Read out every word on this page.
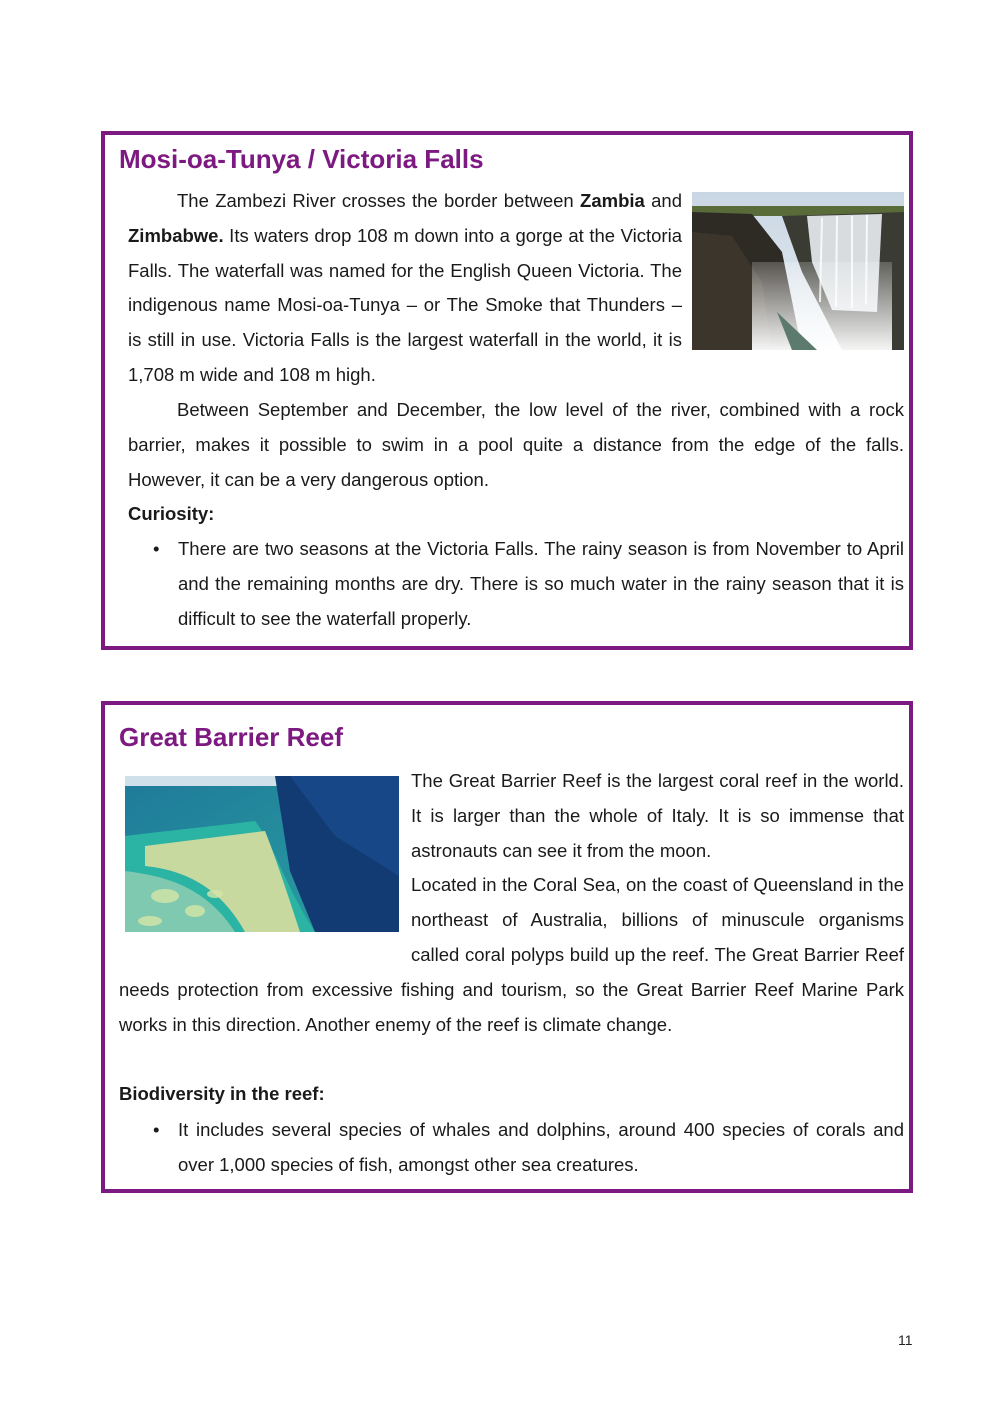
Mosi-oa-Tunya / Victoria Falls
The Zambezi River crosses the border between Zambia and Zimbabwe. Its waters drop 108 m down into a gorge at the Victoria Falls. The waterfall was named for the English Queen Victoria. The indigenous name Mosi-oa-Tunya – or The Smoke that Thunders – is still in use. Victoria Falls is the largest waterfall in the world, it is 1,708 m wide and 108 m high.

Between September and December, the low level of the river, combined with a rock barrier, makes it possible to swim in a pool quite a distance from the edge of the falls. However, it can be a very dangerous option.

Curiosity:

• There are two seasons at the Victoria Falls. The rainy season is from November to April and the remaining months are dry. There is so much water in the rainy season that it is difficult to see the waterfall properly.

Great Barrier Reef
The Great Barrier Reef is the largest coral reef in the world. It is larger than the whole of Italy. It is so immense that astronauts can see it from the moon.
Located in the Coral Sea, on the coast of Queensland in the northeast of Australia, billions of minuscule organisms called coral polyps build up the reef. The Great Barrier Reef needs protection from excessive fishing and tourism, so the Great Barrier Reef Marine Park works in this direction. Another enemy of the reef is climate change.

Biodiversity in the reef:

• It includes several species of whales and dolphins, around 400 species of corals and over 1,000 species of fish, amongst other sea creatures.

11
